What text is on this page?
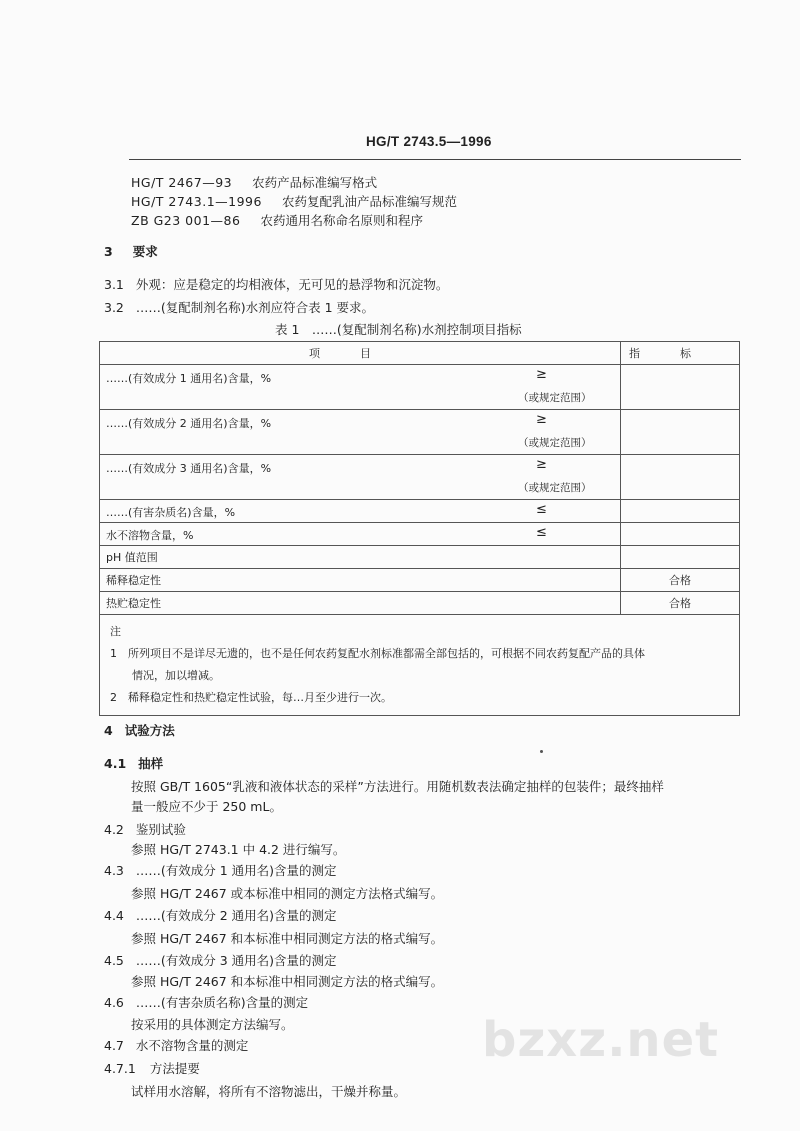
HG/T 2743.5—1996
HG/T 2467—93 农药产品标准编写格式
HG/T 2743.1—1996 农药复配乳油产品标准编写规范
ZB G23 001—86 农药通用名称命名原则和程序
3 要求
3.1 外观：应是稳定的均相液体，无可见的悬浮物和沉淀物。
3.2 ……(复配制剂名称)水剂应符合表 1 要求。
表 1　……(复配制剂名称)水剂控制项目指标
项目	指标

……(有效成分 1 通用名)含量，% ≥
（或规定范围）	

……(有效成分 2 通用名)含量，% ≥
（或规定范围）	

……(有效成分 3 通用名)含量，% ≥
（或规定范围）	

……(有害杂质名)含量，% ≤	

水不溶物含量，% ≤	

pH 值范围	
稀释稳定性	合格
热贮稳定性	合格

注
1　所列项目不是详尽无遗的，也不是任何农药复配水剂标准都需全部包括的，可根据不同农药复配产品的具体
　　情况，加以增减。
2　稀释稳定性和热贮稳定性试验，每…月至少进行一次。	
4 试验方法
4.1 抽样
按照 GB/T 1605“乳液和液体状态的采样”方法进行。用随机数表法确定抽样的包装件；最终抽样
量一般应不少于 250 mL。
4.2 鉴别试验
参照 HG/T 2743.1 中 4.2 进行编写。
4.3 ……(有效成分 1 通用名)含量的测定
参照 HG/T 2467 或本标准中相同的测定方法格式编写。
4.4 ……(有效成分 2 通用名)含量的测定
参照 HG/T 2467 和本标准中相同测定方法的格式编写。
4.5 ……(有效成分 3 通用名)含量的测定
参照 HG/T 2467 和本标准中相同测定方法的格式编写。
4.6 ……(有害杂质名称)含量的测定
按采用的具体测定方法编写。
4.7 水不溶物含量的测定
4.7.1 方法提要
试样用水溶解，将所有不溶物滤出，干燥并称量。
bzxz.net
